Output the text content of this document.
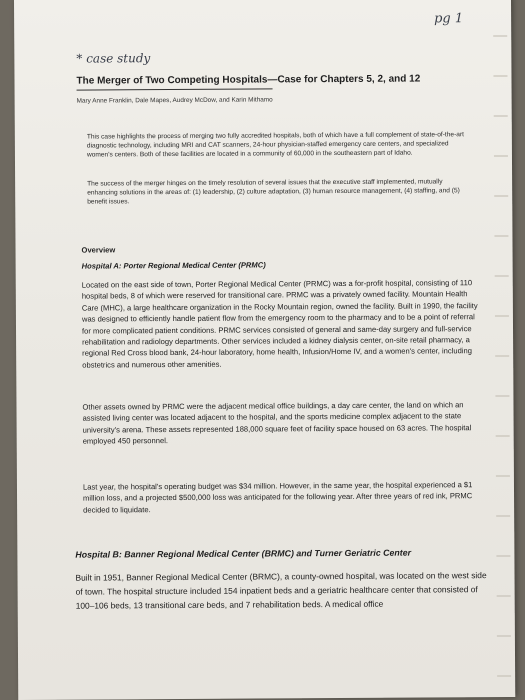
pg 1
* case study
The Merger of Two Competing Hospitals—Case for Chapters 5, 2, and 12
Mary Anne Franklin, Dale Mapes, Audrey McDow, and Karin Mithamo

This case highlights the process of merging two fully accredited hospitals, both of which have a full complement of state-of-the-art diagnostic technology, including MRI and CAT scanners, 24-hour physician-staffed emergency care centers, and specialized women's centers. Both of these facilities are located in a community of 60,000 in the southeastern part of Idaho.

The success of the merger hinges on the timely resolution of several issues that the executive staff implemented, mutually enhancing solutions in the areas of: (1) leadership, (2) culture adaptation, (3) human resource management, (4) staffing, and (5) benefit issues.

Overview
Hospital A: Porter Regional Medical Center (PRMC)

Located on the east side of town, Porter Regional Medical Center (PRMC) was a for-profit hospital, consisting of 110 hospital beds, 8 of which were reserved for transitional care. PRMC was a privately owned facility. Mountain Health Care (MHC), a large healthcare organization in the Rocky Mountain region, owned the facility. Built in 1990, the facility was designed to efficiently handle patient flow from the emergency room to the pharmacy and to be a point of referral for more complicated patient conditions. PRMC services consisted of general and same-day surgery and full-service rehabilitation and radiology departments. Other services included a kidney dialysis center, on-site retail pharmacy, a regional Red Cross blood bank, 24-hour laboratory, home health, Infusion/Home IV, and a women's center, including obstetrics and numerous other amenities.

Other assets owned by PRMC were the adjacent medical office buildings, a day care center, the land on which an assisted living center was located adjacent to the hospital, and the sports medicine complex adjacent to the state university's arena. These assets represented 188,000 square feet of facility space housed on 63 acres. The hospital employed 450 personnel.

Last year, the hospital's operating budget was $34 million. However, in the same year, the hospital experienced a $1 million loss, and a projected $500,000 loss was anticipated for the following year. After three years of red ink, PRMC decided to liquidate.

Hospital B: Banner Regional Medical Center (BRMC) and Turner Geriatric Center

Built in 1951, Banner Regional Medical Center (BRMC), a county-owned hospital, was located on the west side of town. The hospital structure included 154 inpatient beds and a geriatric healthcare center that consisted of 100–106 beds, 13 transitional care beds, and 7 rehabilitation beds. A medical office
